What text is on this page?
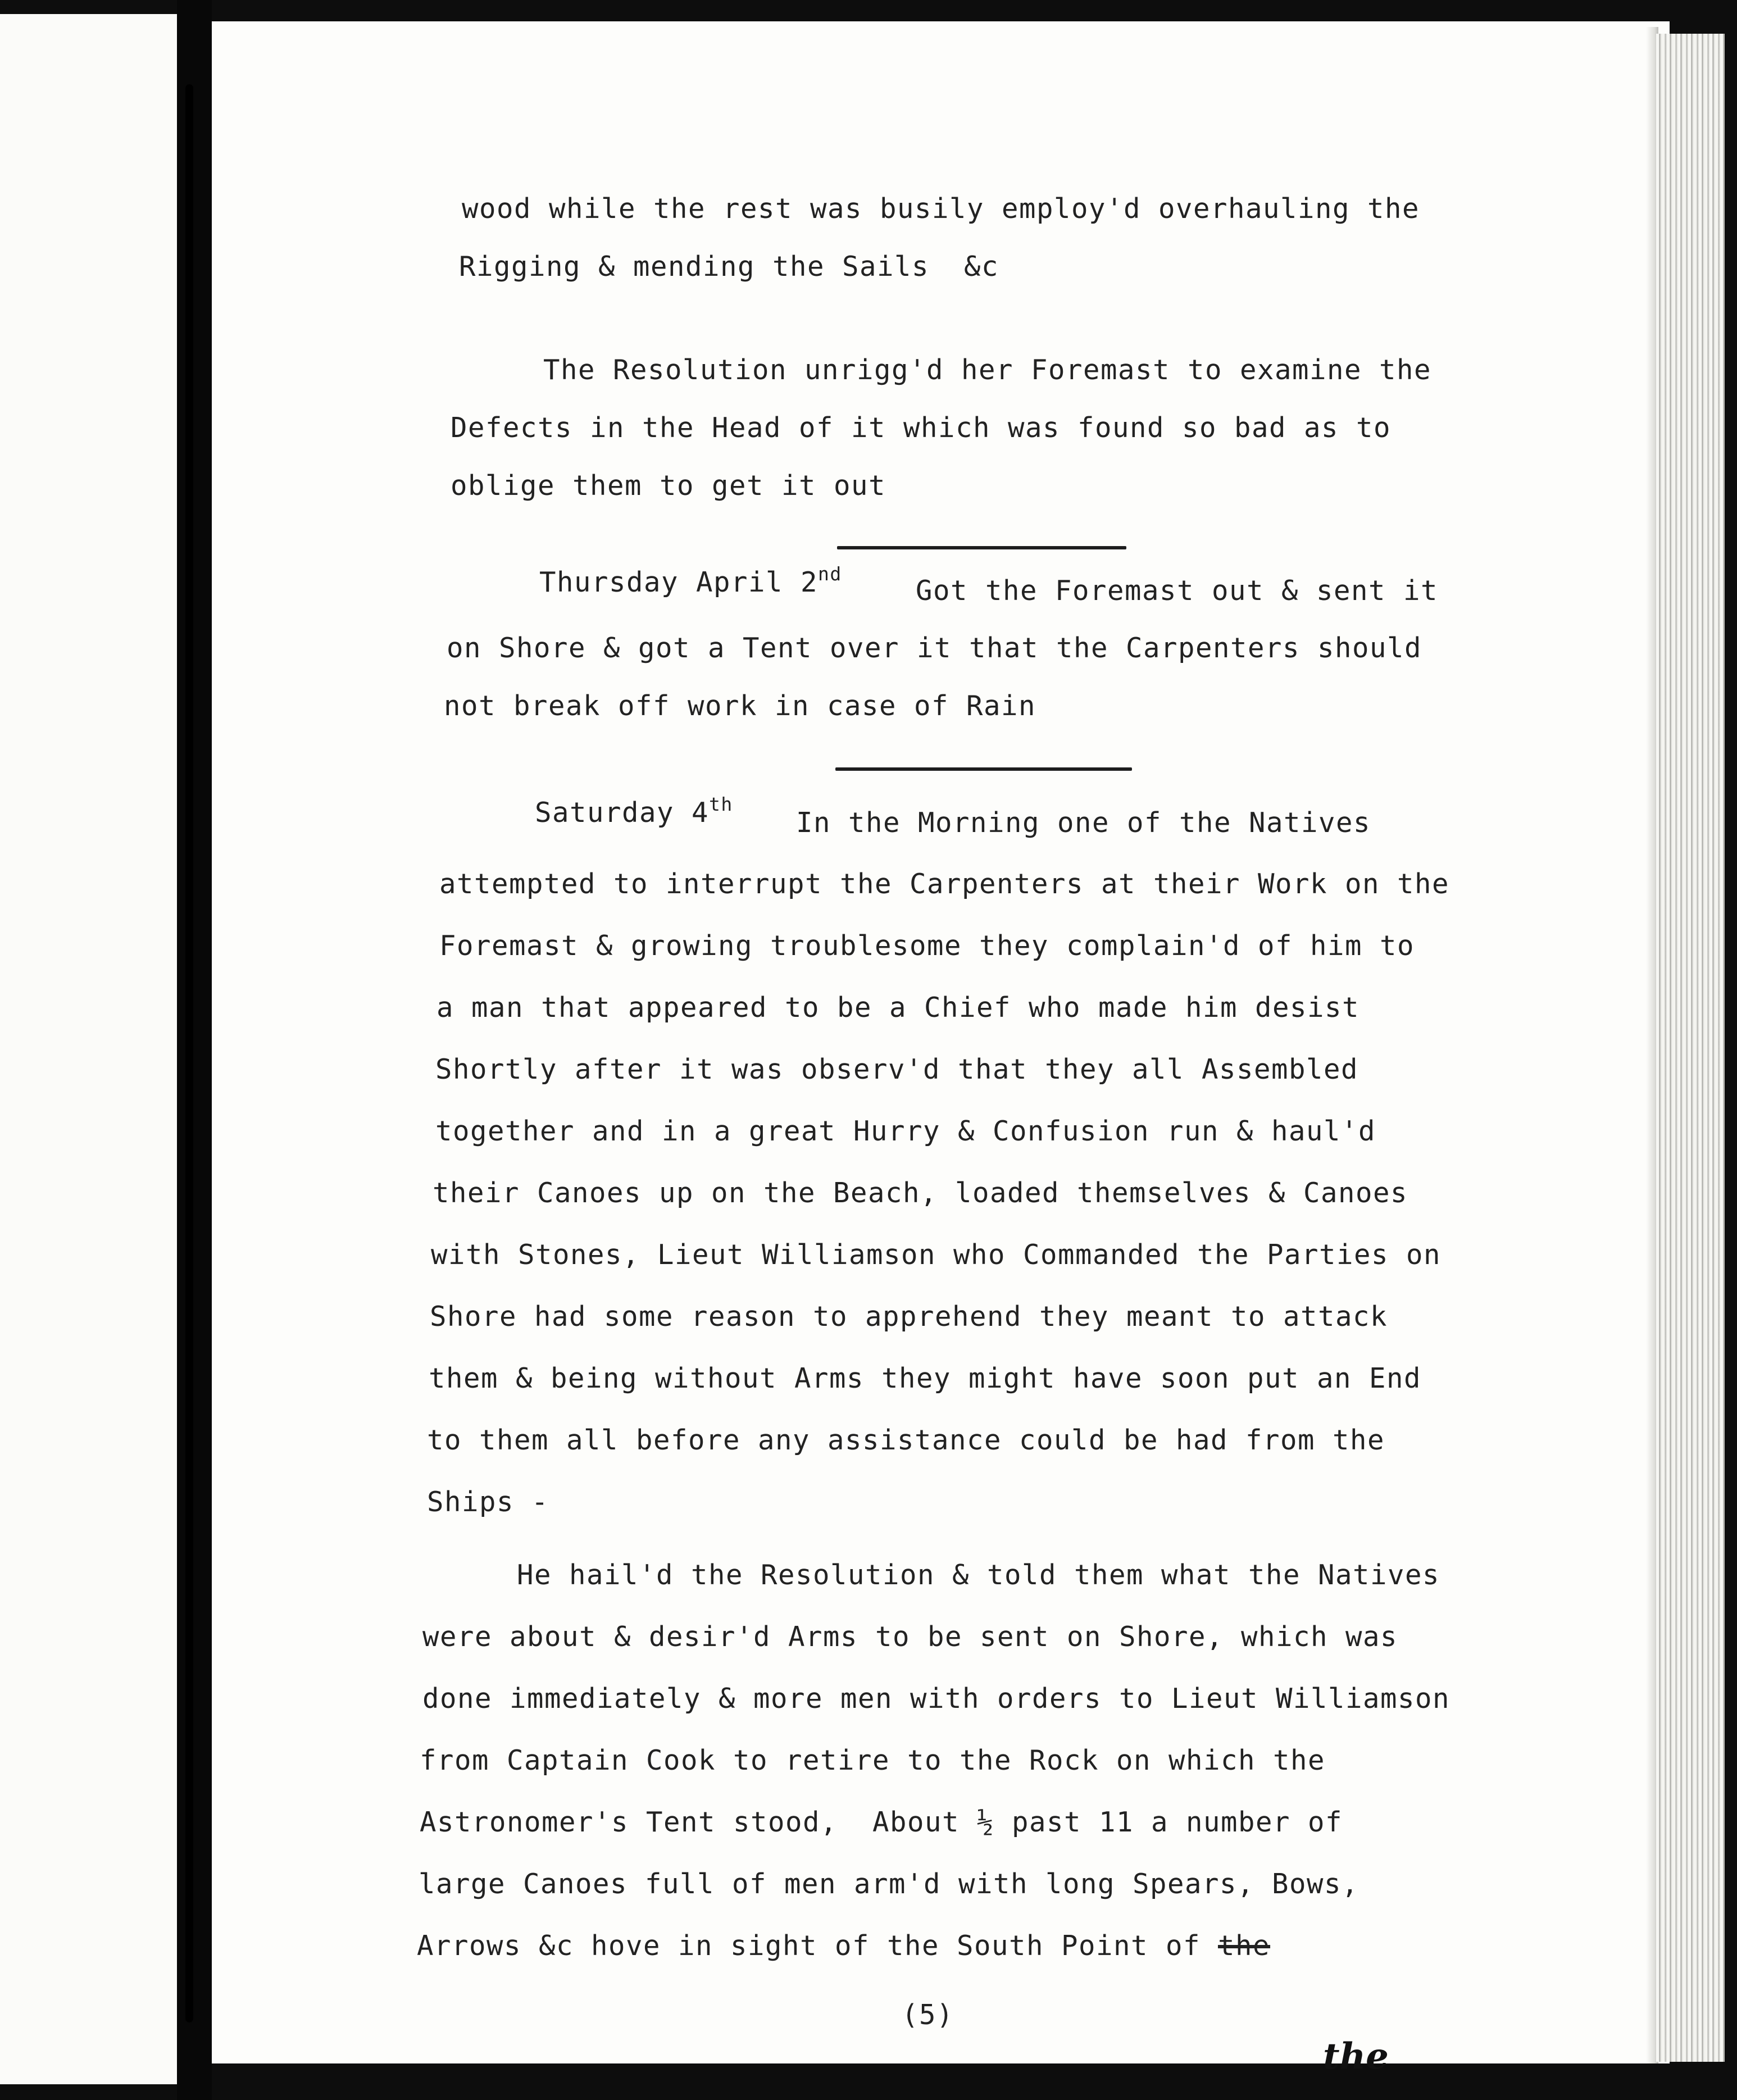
wood while the rest was busily employ'd overhauling the

Rigging & mending the Sails  &c

The Resolution unrigg'd her Foremast to examine the

Defects in the Head of it which was found so bad as to

oblige them to get it out

Thursday April 2nd

Got the Foremast out & sent it

on Shore & got a Tent over it that the Carpenters should

not break off work in case of Rain

Saturday 4th

In the Morning one of the Natives

attempted to interrupt the Carpenters at their Work on the

Foremast & growing troublesome they complain'd of him to

a man that appeared to be a Chief who made him desist

Shortly after it was observ'd that they all Assembled

together and in a great Hurry & Confusion run & haul'd

their Canoes up on the Beach, loaded themselves & Canoes

with Stones, Lieut Williamson who Commanded the Parties on

Shore had some reason to apprehend they meant to attack

them & being without Arms they might have soon put an End

to them all before any assistance could be had from the

Ships -

He hail'd the Resolution & told them what the Natives

were about & desir'd Arms to be sent on Shore, which was

done immediately & more men with orders to Lieut Williamson

from Captain Cook to retire to the Rock on which the

Astronomer's Tent stood,  About ½ past 11 a number of

large Canoes full of men arm'd with long Spears, Bows,

Arrows &c hove in sight of the South Point of the

(5)

the
